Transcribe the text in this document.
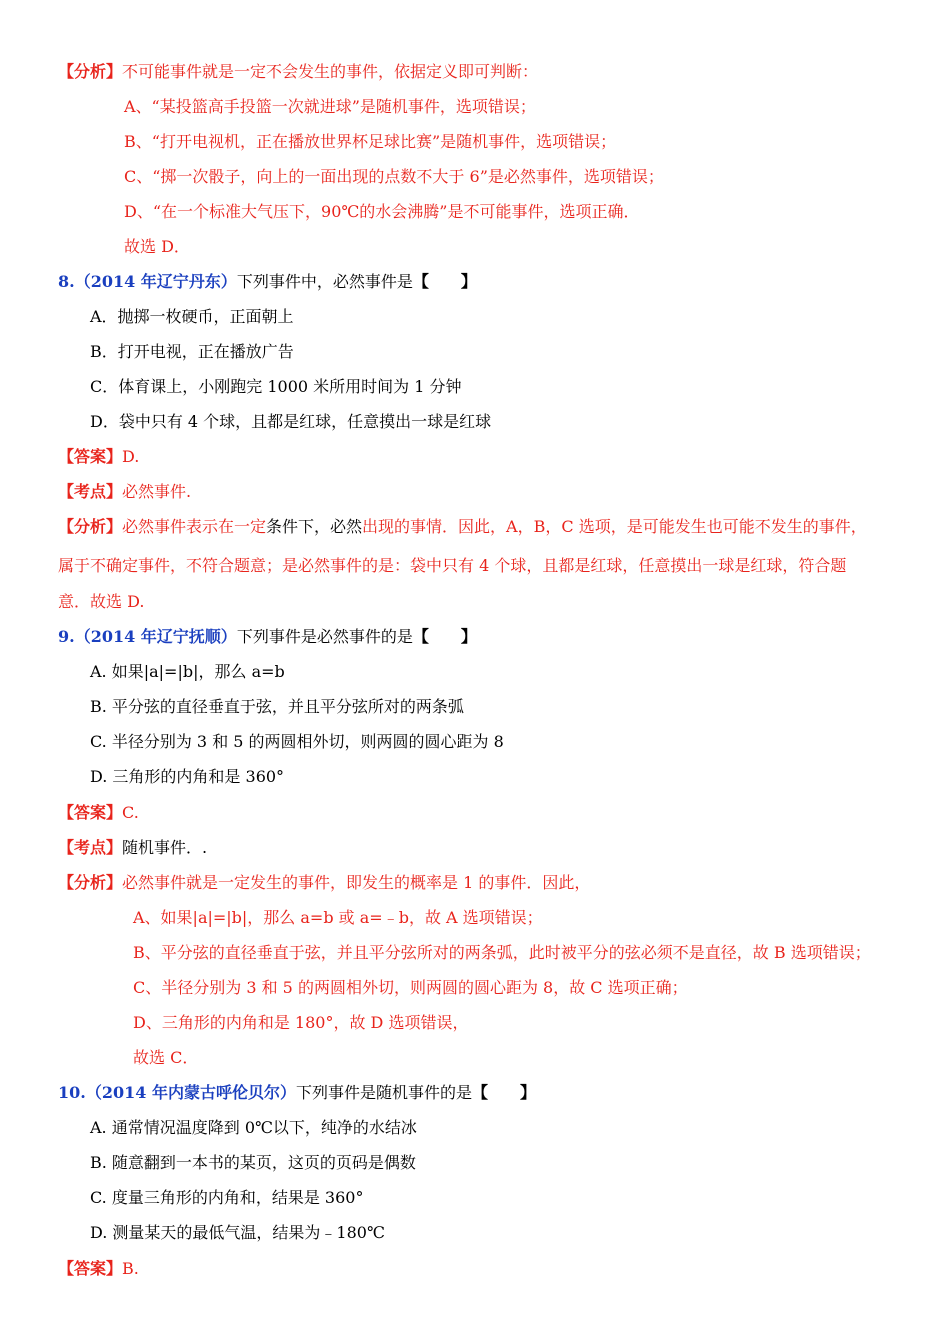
【分析】不可能事件就是一定不会发生的事件，依据定义即可判断：
A、“某投篮高手投篮一次就进球”是随机事件，选项错误；
B、“打开电视机，正在播放世界杯足球比赛”是随机事件，选项错误；
C、“掷一次骰子，向上的一面出现的点数不大于 6”是必然事件，选项错误；
D、“在一个标准大气压下，90℃的水会沸腾”是不可能事件，选项正确．
故选 D．
8.（2014 年辽宁丹东）下列事件中，必然事件是【　　】
A．抛掷一枚硬币，正面朝上
B．打开电视，正在播放广告
C．体育课上，小刚跑完 1000 米所用时间为 1 分钟
D．袋中只有 4 个球，且都是红球，任意摸出一球是红球
【答案】D.
【考点】必然事件.
【分析】必然事件表示在一定条件下，必然出现的事情．因此，A，B，C 选项，是可能发生也可能不发生的事件，
属于不确定事件，不符合题意；是必然事件的是：袋中只有 4 个球，且都是红球，任意摸出一球是红球，符合题
意．故选 D.
9.（2014 年辽宁抚顺）下列事件是必然事件的是【　　】
A. 如果|a|=|b|，那么 a=b
B. 平分弦的直径垂直于弦，并且平分弦所对的两条弧
C. 半径分别为 3 和 5 的两圆相外切，则两圆的圆心距为 8
D. 三角形的内角和是 360°
【答案】C.
【考点】随机事件．.
【分析】必然事件就是一定发生的事件，即发生的概率是 1 的事件．因此，
A、如果|a|=|b|，那么 a=b 或 a=﹣b，故 A 选项错误；
B、平分弦的直径垂直于弦，并且平分弦所对的两条弧，此时被平分的弦必须不是直径，故 B 选项错误；
C、半径分别为 3 和 5 的两圆相外切，则两圆的圆心距为 8，故 C 选项正确；
D、三角形的内角和是 180°，故 D 选项错误，
故选 C．
10.（2014 年内蒙古呼伦贝尔）下列事件是随机事件的是【　　】
A. 通常情况温度降到 0℃以下，纯净的水结冰
B. 随意翻到一本书的某页，这页的页码是偶数
C. 度量三角形的内角和，结果是 360°
D. 测量某天的最低气温，结果为﹣180℃
【答案】B.
